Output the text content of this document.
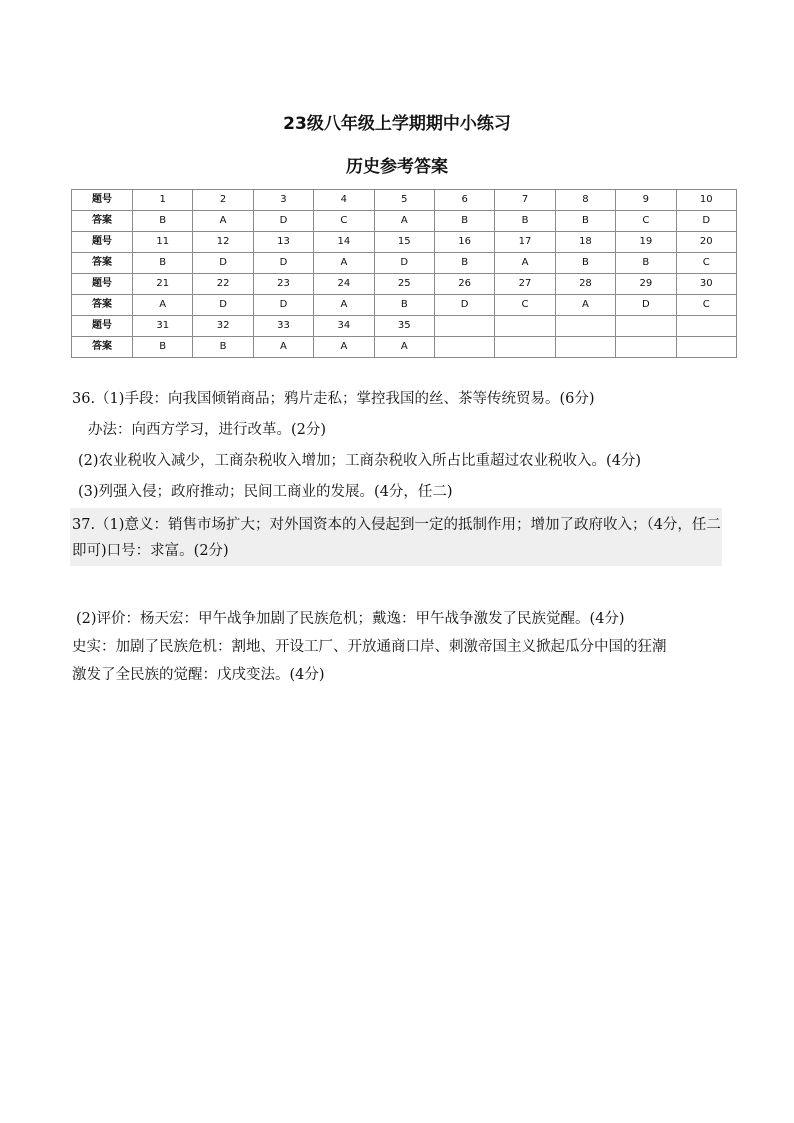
23级八年级上学期期中小练习
历史参考答案
题号	1	2	3	4	5	6	7	8	9	10
答案	B	A	D	C	A	B	B	B	C	D
题号	11	12	13	14	15	16	17	18	19	20
答案	B	D	D	A	D	B	A	B	B	C
题号	21	22	23	24	25	26	27	28	29	30
答案	A	D	D	A	B	D	C	A	D	C
题号	31	32	33	34	35					
答案	B	B	A	A	A					
36.（1)手段：向我国倾销商品；鸦片走私；掌控我国的丝、茶等传统贸易。(6分)
办法：向西方学习，进行改革。(2分)
(2)农业税收入减少，工商杂税收入增加；工商杂税收入所占比重超过农业税收入。(4分)
(3)列强入侵；政府推动；民间工商业的发展。(4分，任二)
37.（1)意义：销售市场扩大；对外国资本的入侵起到一定的抵制作用；增加了政府收入；（4分，任二即可)口号：求富。(2分)
(2)评价：杨天宏：甲午战争加剧了民族危机；戴逸：甲午战争激发了民族觉醒。(4分)
史实：加剧了民族危机：割地、开设工厂、开放通商口岸、刺激帝国主义掀起瓜分中国的狂潮
激发了全民族的觉醒：戊戌变法。(4分)
